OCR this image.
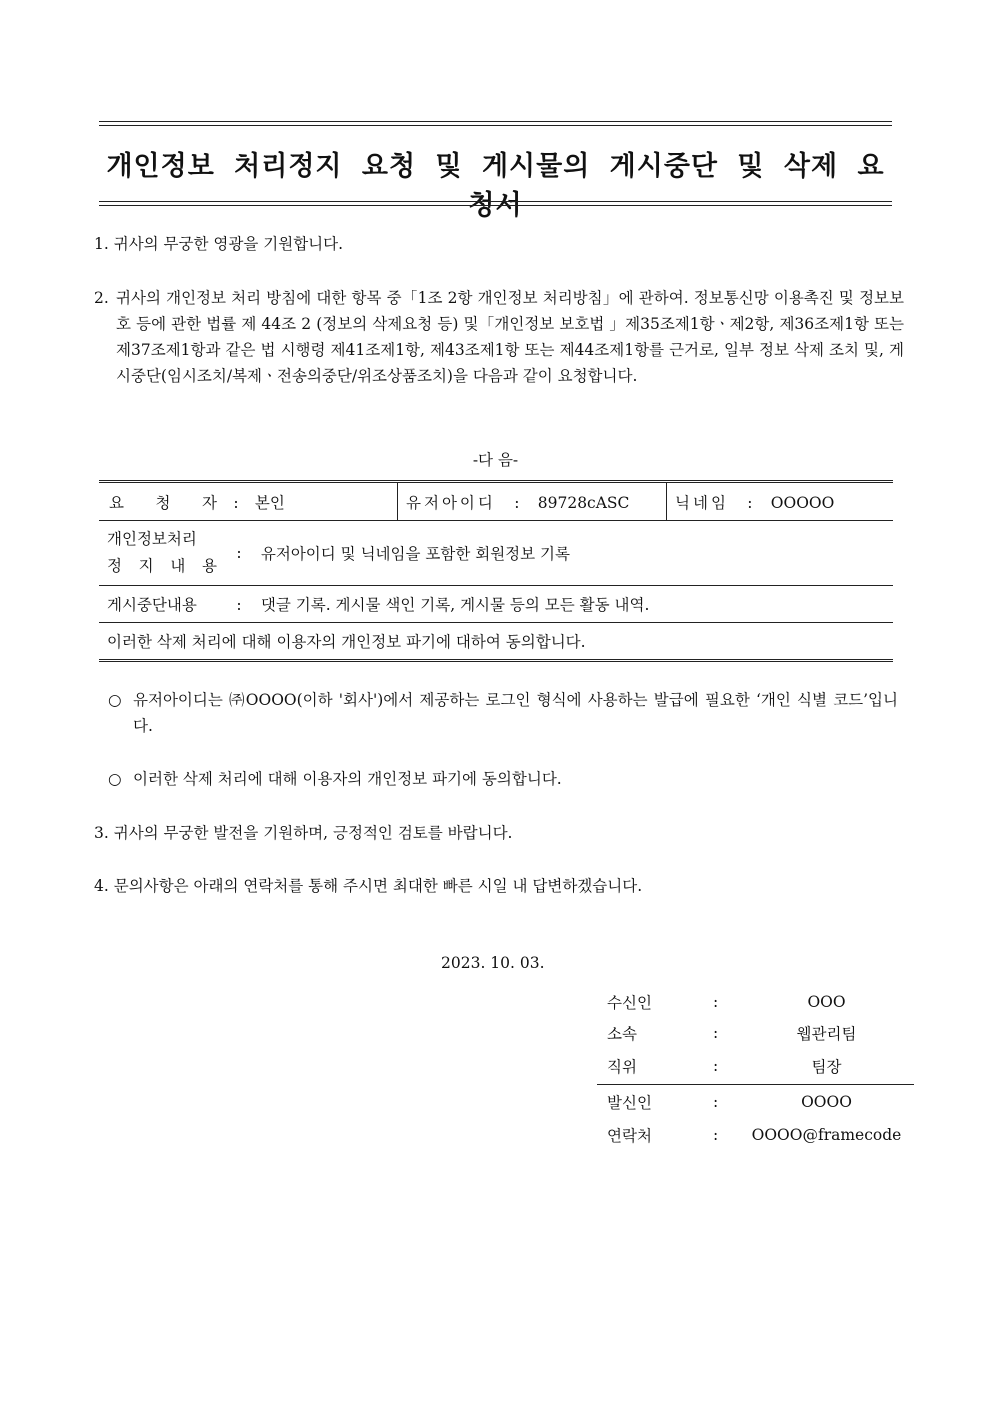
개인정보 처리정지 요청 및 게시물의 게시중단 및 삭제 요청서
1. 귀사의 무궁한 영광을 기원합니다.
2. 귀사의 개인정보 처리 방침에 대한 항목 중「1조 2항 개인정보 처리방침」에 관하여. 정보통신망 이용촉진 및 정보보호 등에 관한 법률 제 44조 2 (정보의 삭제요청 등) 및「개인정보 보호법 」제35조제1항ㆍ제2항, 제36조제1항 또는 제37조제1항과 같은 법 시행령 제41조제1항, 제43조제1항 또는 제44조제1항를 근거로, 일부 정보 삭제 조치 및, 게시중단(임시조치/복제ㆍ전송의중단/위조상품조치)을 다음과 같이 요청합니다.
-다 음-
요 청 자 : 본인	유저아이디 : 89728cASC	닉네임 : OOOOO

개인정보처리
정 지 내 용
: 유저아이디 및 닉네임을 포함한 회원정보 기록
게시중단내용	: 댓글 기록. 게시물 색인 기록, 게시물 등의 모든 활동 내역.
이러한 삭제 처리에 대해 이용자의 개인정보 파기에 대하여 동의합니다.
○ 유저아이디는 ㈜OOOO(이하 '회사')에서 제공하는 로그인 형식에 사용하는 발급에 필요한 ‘개인 식별 코드’입니다.
○ 이러한 삭제 처리에 대해 이용자의 개인정보 파기에 동의합니다.
3. 귀사의 무궁한 발전을 기원하며, 긍정적인 검토를 바랍니다.
4. 문의사항은 아래의 연락처를 통해 주시면 최대한 빠른 시일 내 답변하겠습니다.
2023. 10. 03.
수신인	:	OOO
소속	:	웹관리팀
직위	:	팀장
발신인	:	OOOO
연락처	:	OOOO@framecode
